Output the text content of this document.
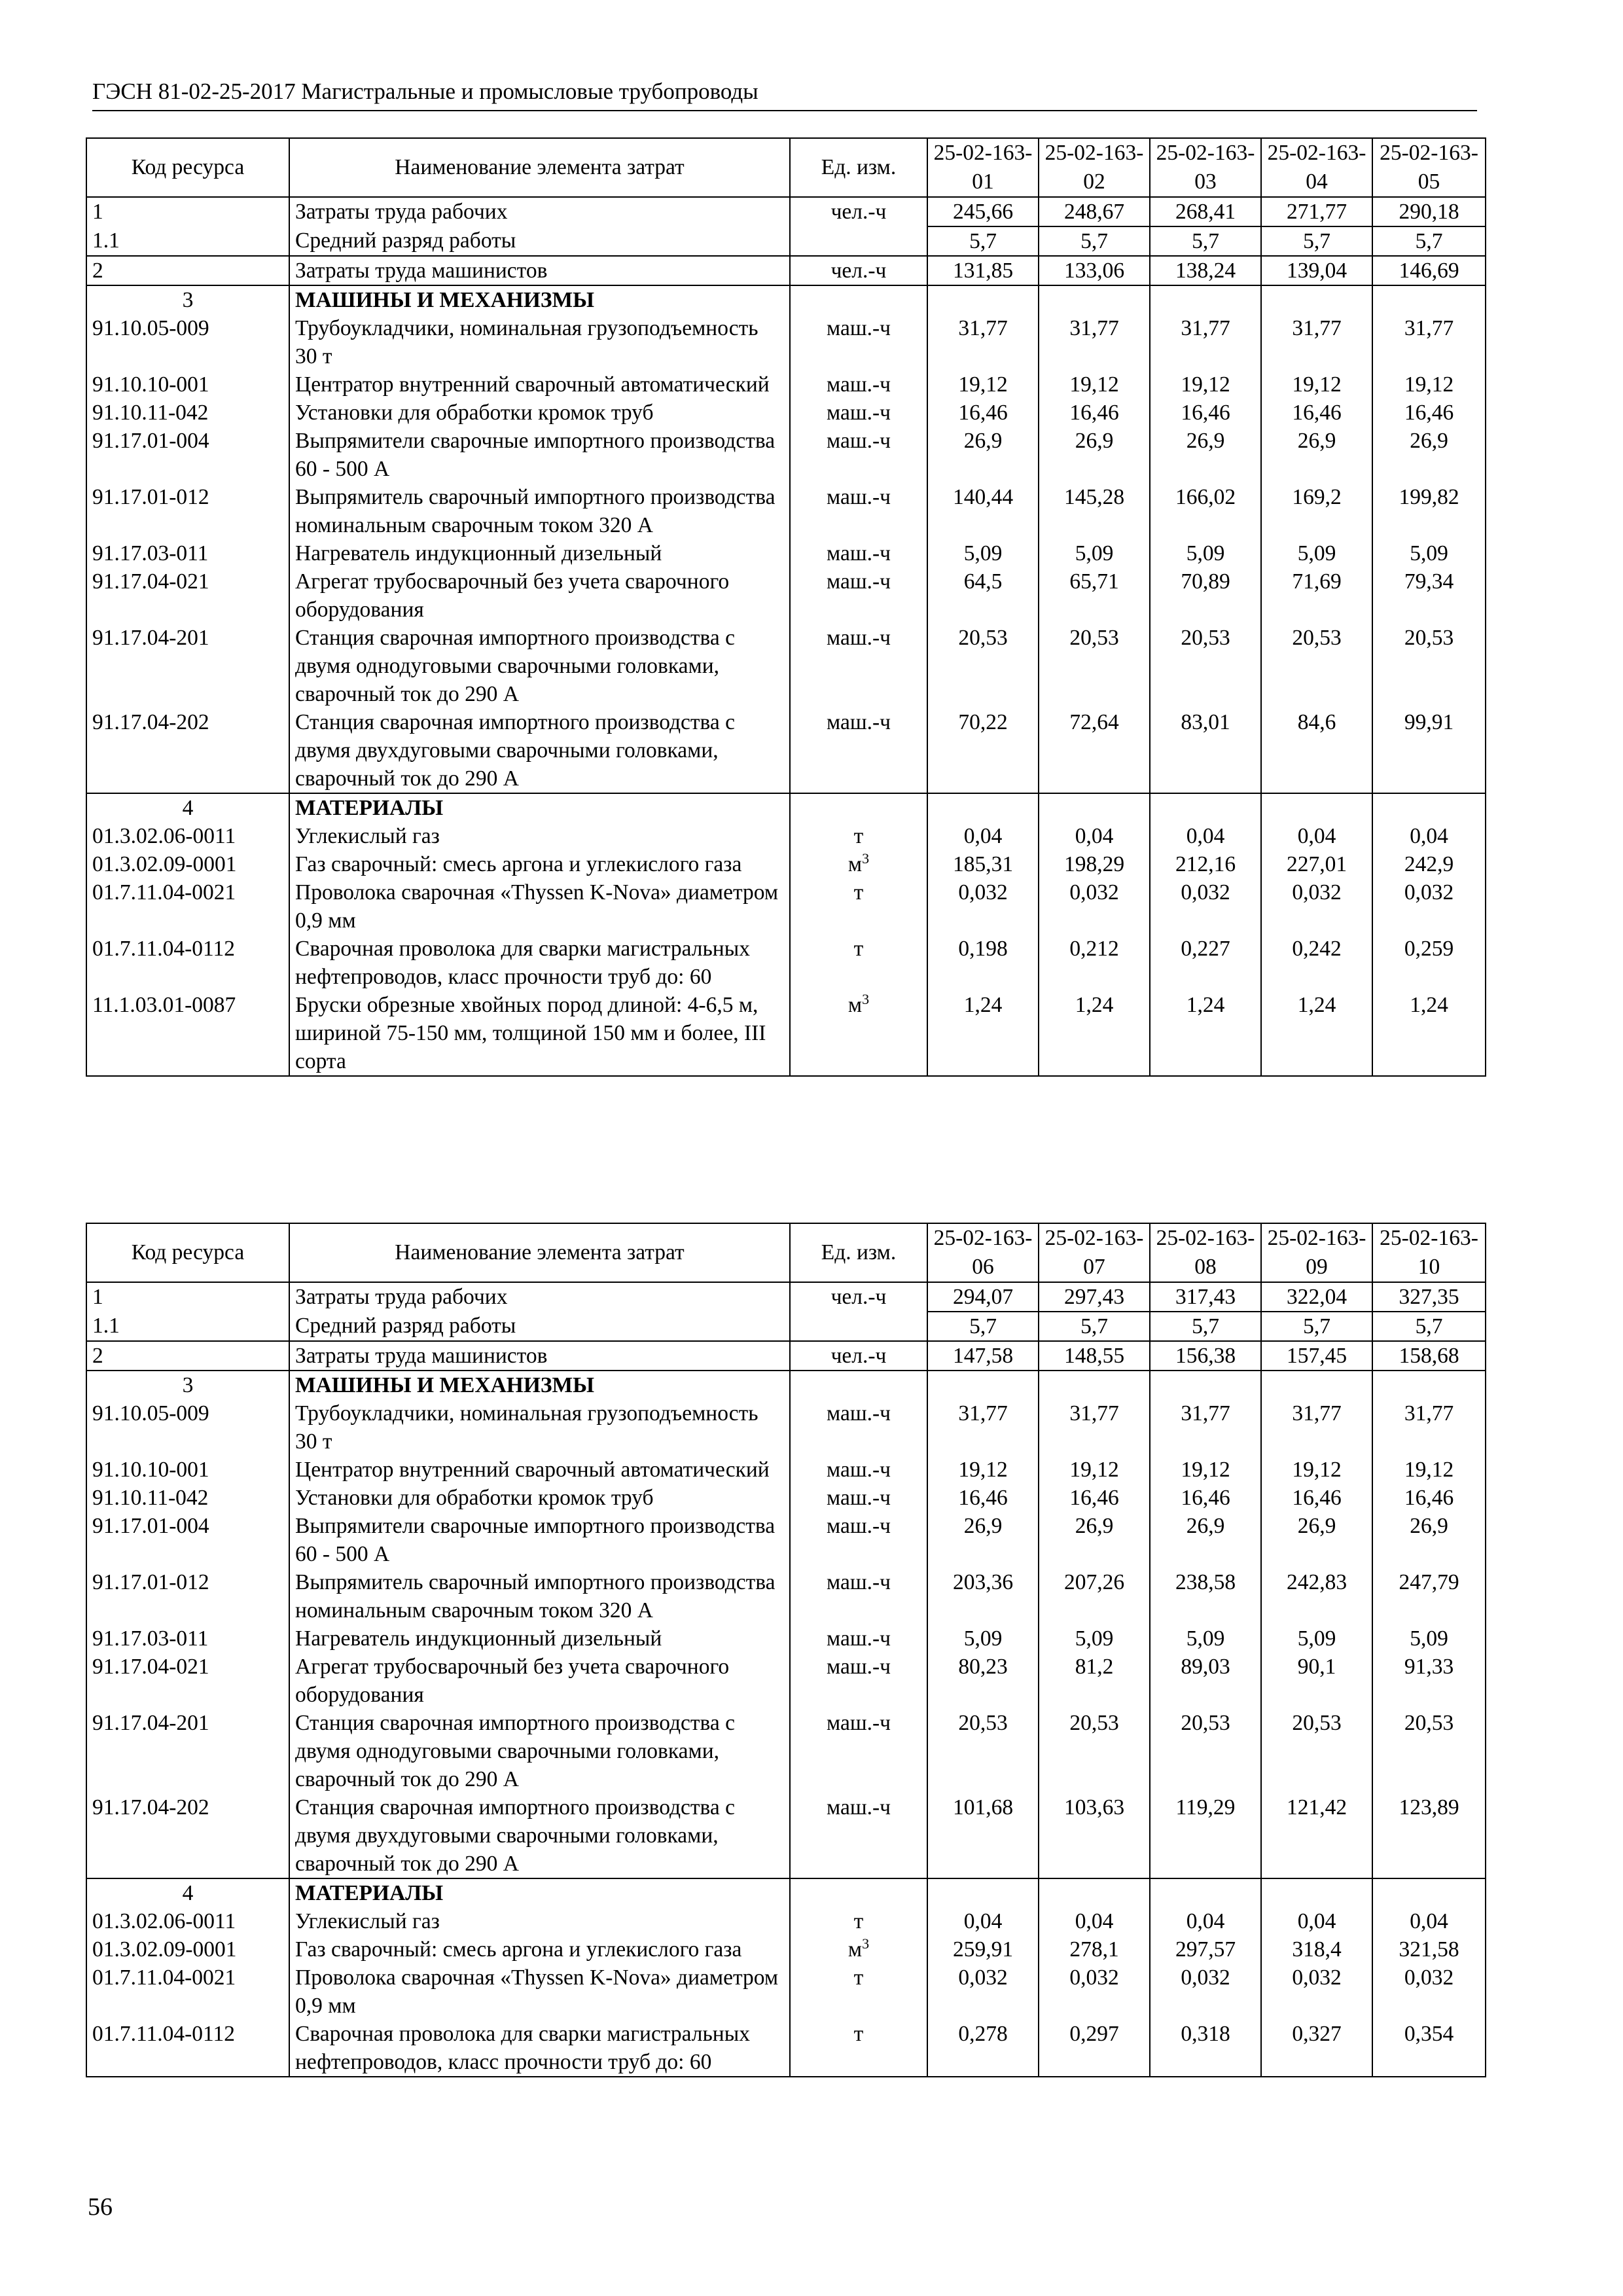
ГЭСН 81-02-25-2017 Магистральные и промысловые трубопроводы
Код ресурса	Наименование элемента затрат	Ед. изм.	25-02-163-01	25-02-163-02	25-02-163-03	25-02-163-04	25-02-163-05
1	Затраты труда рабочих	чел.-ч	245,66	248,67	268,41	271,77	290,18
1.1	Средний разряд работы		5,7	5,7	5,7	5,7	5,7
2	Затраты труда машинистов	чел.-ч	131,85	133,06	138,24	139,04	146,69
3	МАШИНЫ И МЕХАНИЗМЫ						
91.10.05-009	Трубоукладчики, номинальная грузоподъемность 30 т	маш.-ч	31,77	31,77	31,77	31,77	31,77
91.10.10-001	Центратор внутренний сварочный автоматический	маш.-ч	19,12	19,12	19,12	19,12	19,12
91.10.11-042	Установки для обработки кромок труб	маш.-ч	16,46	16,46	16,46	16,46	16,46
91.17.01-004	Выпрямители сварочные импортного производства 60 - 500 А	маш.-ч	26,9	26,9	26,9	26,9	26,9
91.17.01-012	Выпрямитель сварочный импортного производства номинальным сварочным током 320 А	маш.-ч	140,44	145,28	166,02	169,2	199,82
91.17.03-011	Нагреватель индукционный дизельный	маш.-ч	5,09	5,09	5,09	5,09	5,09
91.17.04-021	Агрегат трубосварочный без учета сварочного оборудования	маш.-ч	64,5	65,71	70,89	71,69	79,34
91.17.04-201	Станция сварочная импортного производства с двумя однодуговыми сварочными головками, сварочный ток до 290 А	маш.-ч	20,53	20,53	20,53	20,53	20,53
91.17.04-202	Станция сварочная импортного производства с двумя двухдуговыми сварочными головками, сварочный ток до 290 А	маш.-ч	70,22	72,64	83,01	84,6	99,91
4	МАТЕРИАЛЫ						
01.3.02.06-0011	Углекислый газ	т	0,04	0,04	0,04	0,04	0,04
01.3.02.09-0001	Газ сварочный: смесь аргона и углекислого газа	$м^3$	185,31	198,29	212,16	227,01	242,9
01.7.11.04-0021	Проволока сварочная «Thyssen K-Nova» диаметром 0,9 мм	т	0,032	0,032	0,032	0,032	0,032
01.7.11.04-0112	Сварочная проволока для сварки магистральных нефтепроводов, класс прочности труб до: 60	т	0,198	0,212	0,227	0,242	0,259
11.1.03.01-0087	Бруски обрезные хвойных пород длиной: 4-6,5 м, шириной 75-150 мм, толщиной 150 мм и более, III сорта	$м^3$	1,24	1,24	1,24	1,24	1,24
Код ресурса	Наименование элемента затрат	Ед. изм.	25-02-163-06	25-02-163-07	25-02-163-08	25-02-163-09	25-02-163-10
1	Затраты труда рабочих	чел.-ч	294,07	297,43	317,43	322,04	327,35
1.1	Средний разряд работы		5,7	5,7	5,7	5,7	5,7
2	Затраты труда машинистов	чел.-ч	147,58	148,55	156,38	157,45	158,68
3	МАШИНЫ И МЕХАНИЗМЫ						
91.10.05-009	Трубоукладчики, номинальная грузоподъемность 30 т	маш.-ч	31,77	31,77	31,77	31,77	31,77
91.10.10-001	Центратор внутренний сварочный автоматический	маш.-ч	19,12	19,12	19,12	19,12	19,12
91.10.11-042	Установки для обработки кромок труб	маш.-ч	16,46	16,46	16,46	16,46	16,46
91.17.01-004	Выпрямители сварочные импортного производства 60 - 500 А	маш.-ч	26,9	26,9	26,9	26,9	26,9
91.17.01-012	Выпрямитель сварочный импортного производства номинальным сварочным током 320 А	маш.-ч	203,36	207,26	238,58	242,83	247,79
91.17.03-011	Нагреватель индукционный дизельный	маш.-ч	5,09	5,09	5,09	5,09	5,09
91.17.04-021	Агрегат трубосварочный без учета сварочного оборудования	маш.-ч	80,23	81,2	89,03	90,1	91,33
91.17.04-201	Станция сварочная импортного производства с двумя однодуговыми сварочными головками, сварочный ток до 290 А	маш.-ч	20,53	20,53	20,53	20,53	20,53
91.17.04-202	Станция сварочная импортного производства с двумя двухдуговыми сварочными головками, сварочный ток до 290 А	маш.-ч	101,68	103,63	119,29	121,42	123,89
4	МАТЕРИАЛЫ						
01.3.02.06-0011	Углекислый газ	т	0,04	0,04	0,04	0,04	0,04
01.3.02.09-0001	Газ сварочный: смесь аргона и углекислого газа	$м^3$	259,91	278,1	297,57	318,4	321,58
01.7.11.04-0021	Проволока сварочная «Thyssen K-Nova» диаметром 0,9 мм	т	0,032	0,032	0,032	0,032	0,032
01.7.11.04-0112	Сварочная проволока для сварки магистральных нефтепроводов, класс прочности труб до: 60	т	0,278	0,297	0,318	0,327	0,354
56
